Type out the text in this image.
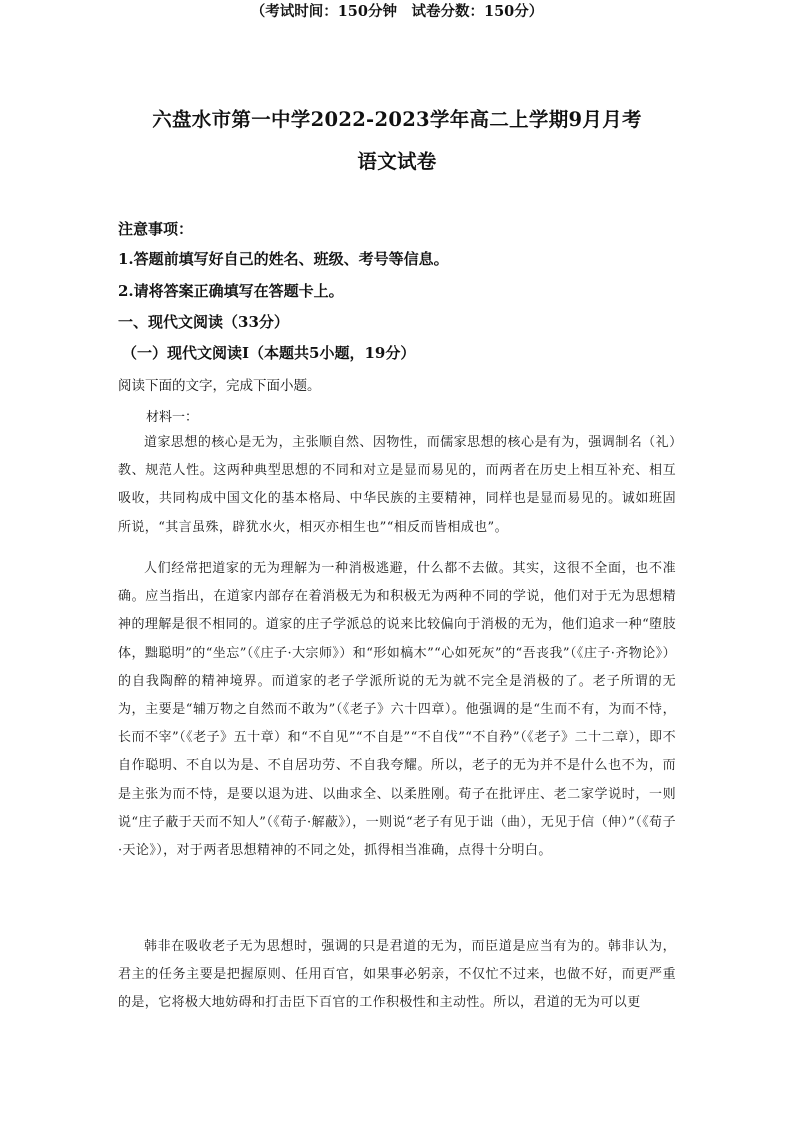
六盘水市第一中学2022-2023学年高二上学期9月月考
语文试卷
（考试时间：150分钟　试卷分数：150分）
注意事项：
1.答题前填写好自己的姓名、班级、考号等信息。
2.请将答案正确填写在答题卡上。
一、现代文阅读（33分）
（一）现代文阅读Ⅰ（本题共5小题，19分）
阅读下面的文字，完成下面小题。
材料一：

道家思想的核心是无为，主张顺自然、因物性，而儒家思想的核心是有为，强调制名（礼）教、规范人性。这两种典型思想的不同和对立是显而易见的，而两者在历史上相互补充、相互吸收，共同构成中国文化的基本格局、中华民族的主要精神，同样也是显而易见的。诚如班固所说，“其言虽殊，辟犹水火，相灭亦相生也”“相反而皆相成也”。

人们经常把道家的无为理解为一种消极逃避，什么都不去做。其实，这很不全面，也不准确。应当指出，在道家内部存在着消极无为和积极无为两种不同的学说，他们对于无为思想精神的理解是很不相同的。道家的庄子学派总的说来比较偏向于消极的无为，他们追求一种“堕肢体，黜聪明”的“坐忘”（《庄子·大宗师》）和“形如槁木”“心如死灰”的“吾丧我”（《庄子·齐物论》）的自我陶醉的精神境界。而道家的老子学派所说的无为就不完全是消极的了。老子所谓的无为，主要是“辅万物之自然而不敢为”（《老子》六十四章）。他强调的是“生而不有，为而不恃，长而不宰”（《老子》五十章）和“不自见”“不自是”“不自伐”“不自矜”（《老子》二十二章），即不自作聪明、不自以为是、不自居功劳、不自我夸耀。所以，老子的无为并不是什么也不为，而是主张为而不恃，是要以退为进、以曲求全、以柔胜刚。荀子在批评庄、老二家学说时，一则说“庄子蔽于天而不知人”（《荀子·解蔽》），一则说“老子有见于诎（曲），无见于信（伸）”（《荀子·天论》），对于两者思想精神的不同之处，抓得相当准确，点得十分明白。

韩非在吸收老子无为思想时，强调的只是君道的无为，而臣道是应当有为的。韩非认为，君主的任务主要是把握原则、任用百官，如果事必躬亲，不仅忙不过来，也做不好，而更严重的是，它将极大地妨碍和打击臣下百官的工作积极性和主动性。所以，君道的无为可以更
